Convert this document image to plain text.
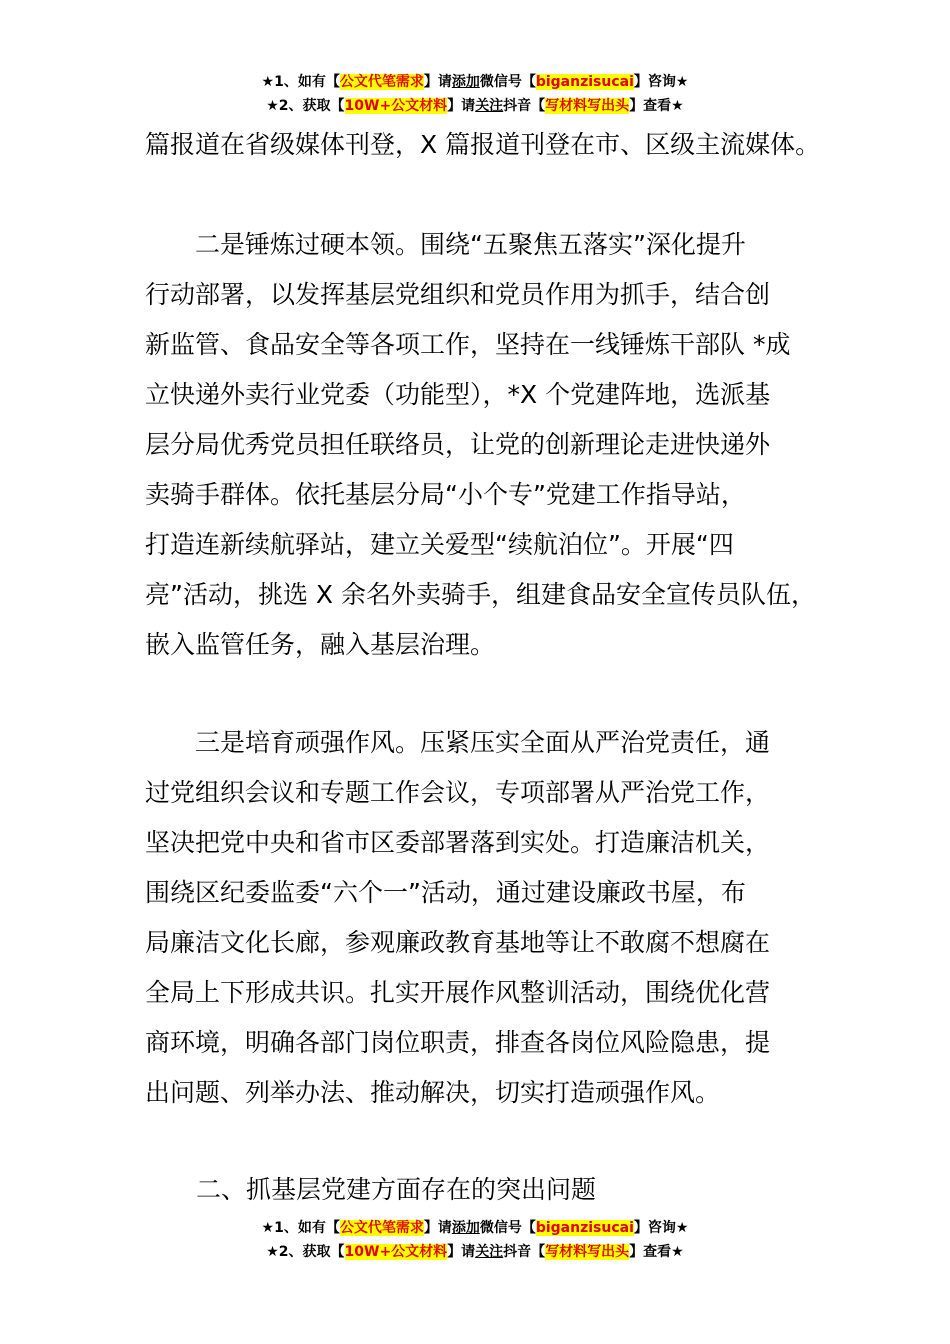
★1、如有【公文代笔需求】请添加微信号【biganzisucai】咨询★
★2、获取【10W+公文材料】请关注抖音【写材料写出头】查看★
篇报道在省级媒体刊登，X 篇报道刊登在市、区级主流媒体。
　　二是锤炼过硬本领。围绕“五聚焦五落实”深化提升
行动部署，以发挥基层党组织和党员作用为抓手，结合创
新监管、食品安全等各项工作，坚持在一线锤炼干部队 *成
立快递外卖行业党委（功能型），*X 个党建阵地，选派基
层分局优秀党员担任联络员，让党的创新理论走进快递外
卖骑手群体。依托基层分局“小个专”党建工作指导站，
打造连新续航驿站，建立关爱型“续航泊位”。开展“四
亮”活动，挑选 X 余名外卖骑手，组建食品安全宣传员队伍，
嵌入监管任务，融入基层治理。
　　三是培育顽强作风。压紧压实全面从严治党责任，通
过党组织会议和专题工作会议，专项部署从严治党工作，
坚决把党中央和省市区委部署落到实处。打造廉洁机关，
围绕区纪委监委“六个一”活动，通过建设廉政书屋，布
局廉洁文化长廊，参观廉政教育基地等让不敢腐不想腐在
全局上下形成共识。扎实开展作风整训活动，围绕优化营
商环境，明确各部门岗位职责，排查各岗位风险隐患，提
出问题、列举办法、推动解决，切实打造顽强作风。
二、抓基层党建方面存在的突出问题
★1、如有【公文代笔需求】请添加微信号【biganzisucai】咨询★
★2、获取【10W+公文材料】请关注抖音【写材料写出头】查看★
